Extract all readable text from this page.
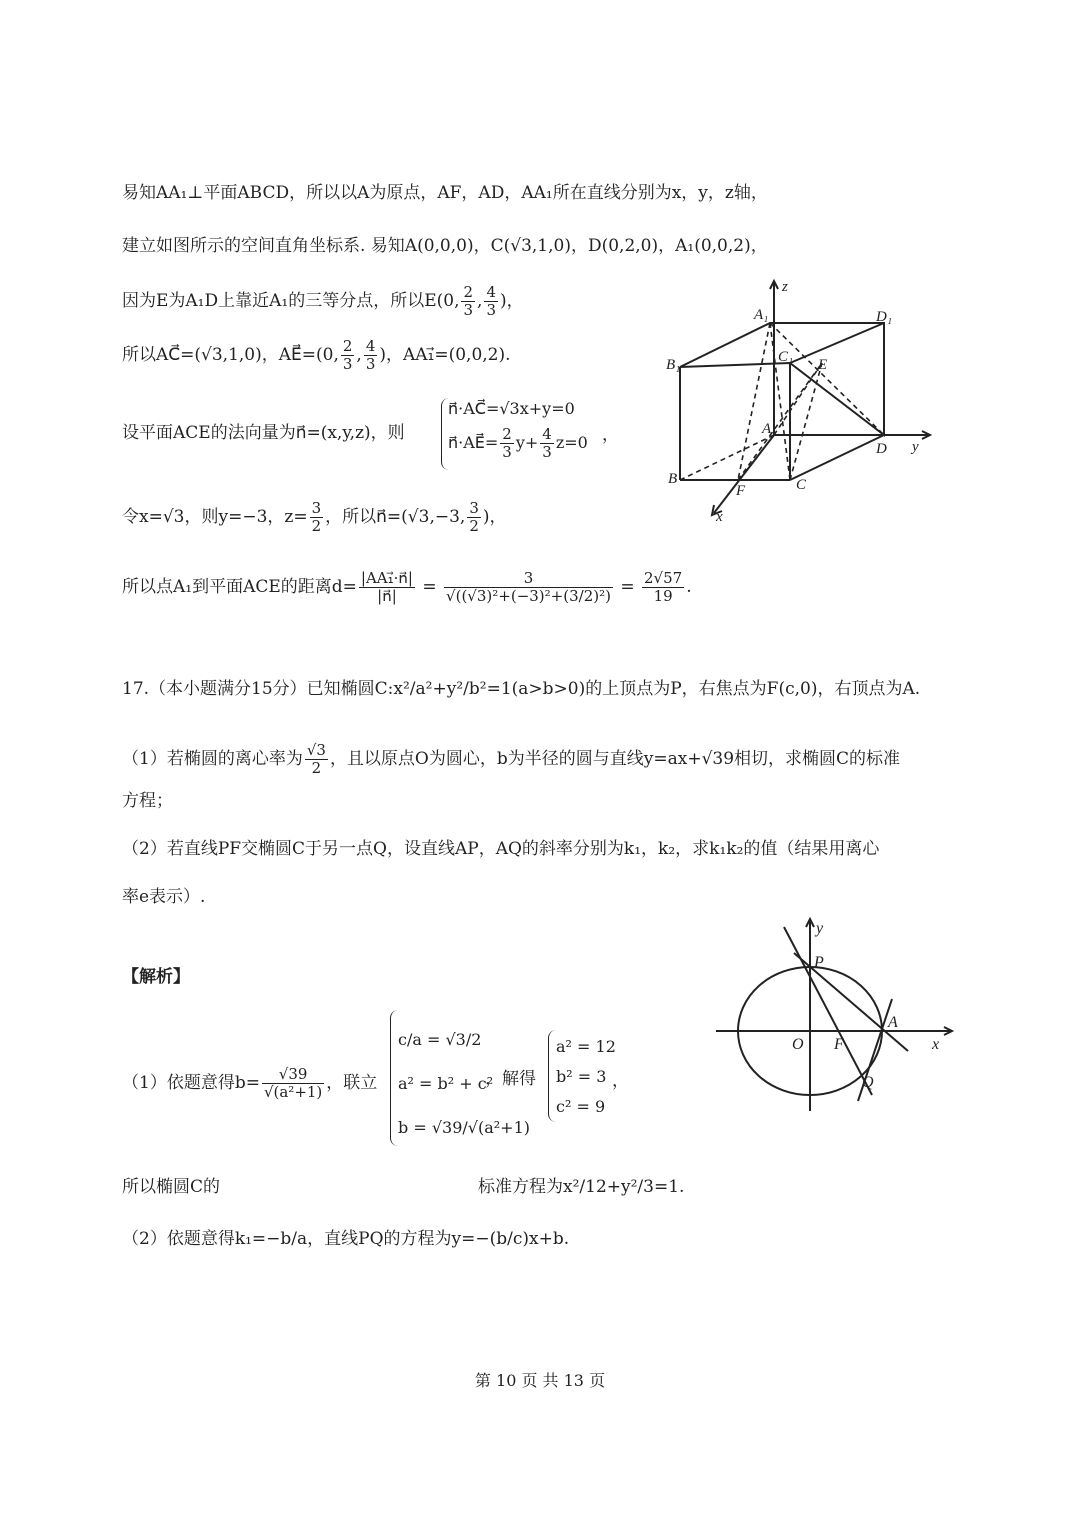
易知AA₁⊥平面ABCD，所以以A为原点，AF，AD，AA₁所在直线分别为x，y，z轴，
建立如图所示的空间直角坐标系. 易知A(0,0,0)，C(√3,1,0)，D(0,2,0)，A₁(0,0,2)，
因为E为A₁D上靠近A₁的三等分点，所以E(0, $\frac{2}{3}$ , $\frac{4}{3}$ )，
所以AC⃗=(√3,1,0)，AE⃗=(0, $\frac{2}{3}$ , $\frac{4}{3}$ )，AA₁⃗=(0,0,2).
设平面ACE的法向量为n⃗=(x,y,z)，则
n⃗·AC⃗=√3x+y=0
n⃗·AE⃗= $\frac{2}{3} y+ \frac{4}{3} z=0$ ，
令x=√3，则y=−3，$z= \frac{3}{2}$ ，所以n⃗=(√3,−3, $\frac{3}{2}$ )，
所以点A₁到平面ACE的距离$d= \frac{\text{|AA₁⃗·n⃗|}}{|n⃗|} = \frac{3}{\text{√((√3)²+(−3)²+(3/2)²)}} = \frac{2√57}{19}$ .
z
A₁	D₁
B₁	C₁ E
A
D y
B
F	C
x
17.（本小题满分15分）已知椭圆C:x²/a²+y²/b²=1(a>b>0)的上顶点为P，右焦点为F(c,0)，右顶点为A.
（1）若椭圆的离心率为 $\frac{√3}{2}$ ，且以原点O为圆心，b为半径的圆与直线y=ax+√39相切，求椭圆C的标准
方程；
（2）若直线PF交椭圆C于另一点Q，设直线AP，AQ的斜率分别为k₁，k₂，求k₁k₂的值（结果用离心
率e表示）.
【解析】
y
P
A
O F	x
Q
（1）依题意得$b= \frac{√39}{\text{√(a²+1)}}$ ，联立
c/a = √3/2
a² = b² + c²
b = √39/√(a²+1)
，解得
a² = 12
b² = 3
c² = 9
，
所以椭圆C的	标准方程为x²/12+y²/3=1.
（2）依题意得k₁=−b/a，直线PQ的方程为y=−(b/c)x+b.
第 10 页 共 13 页
